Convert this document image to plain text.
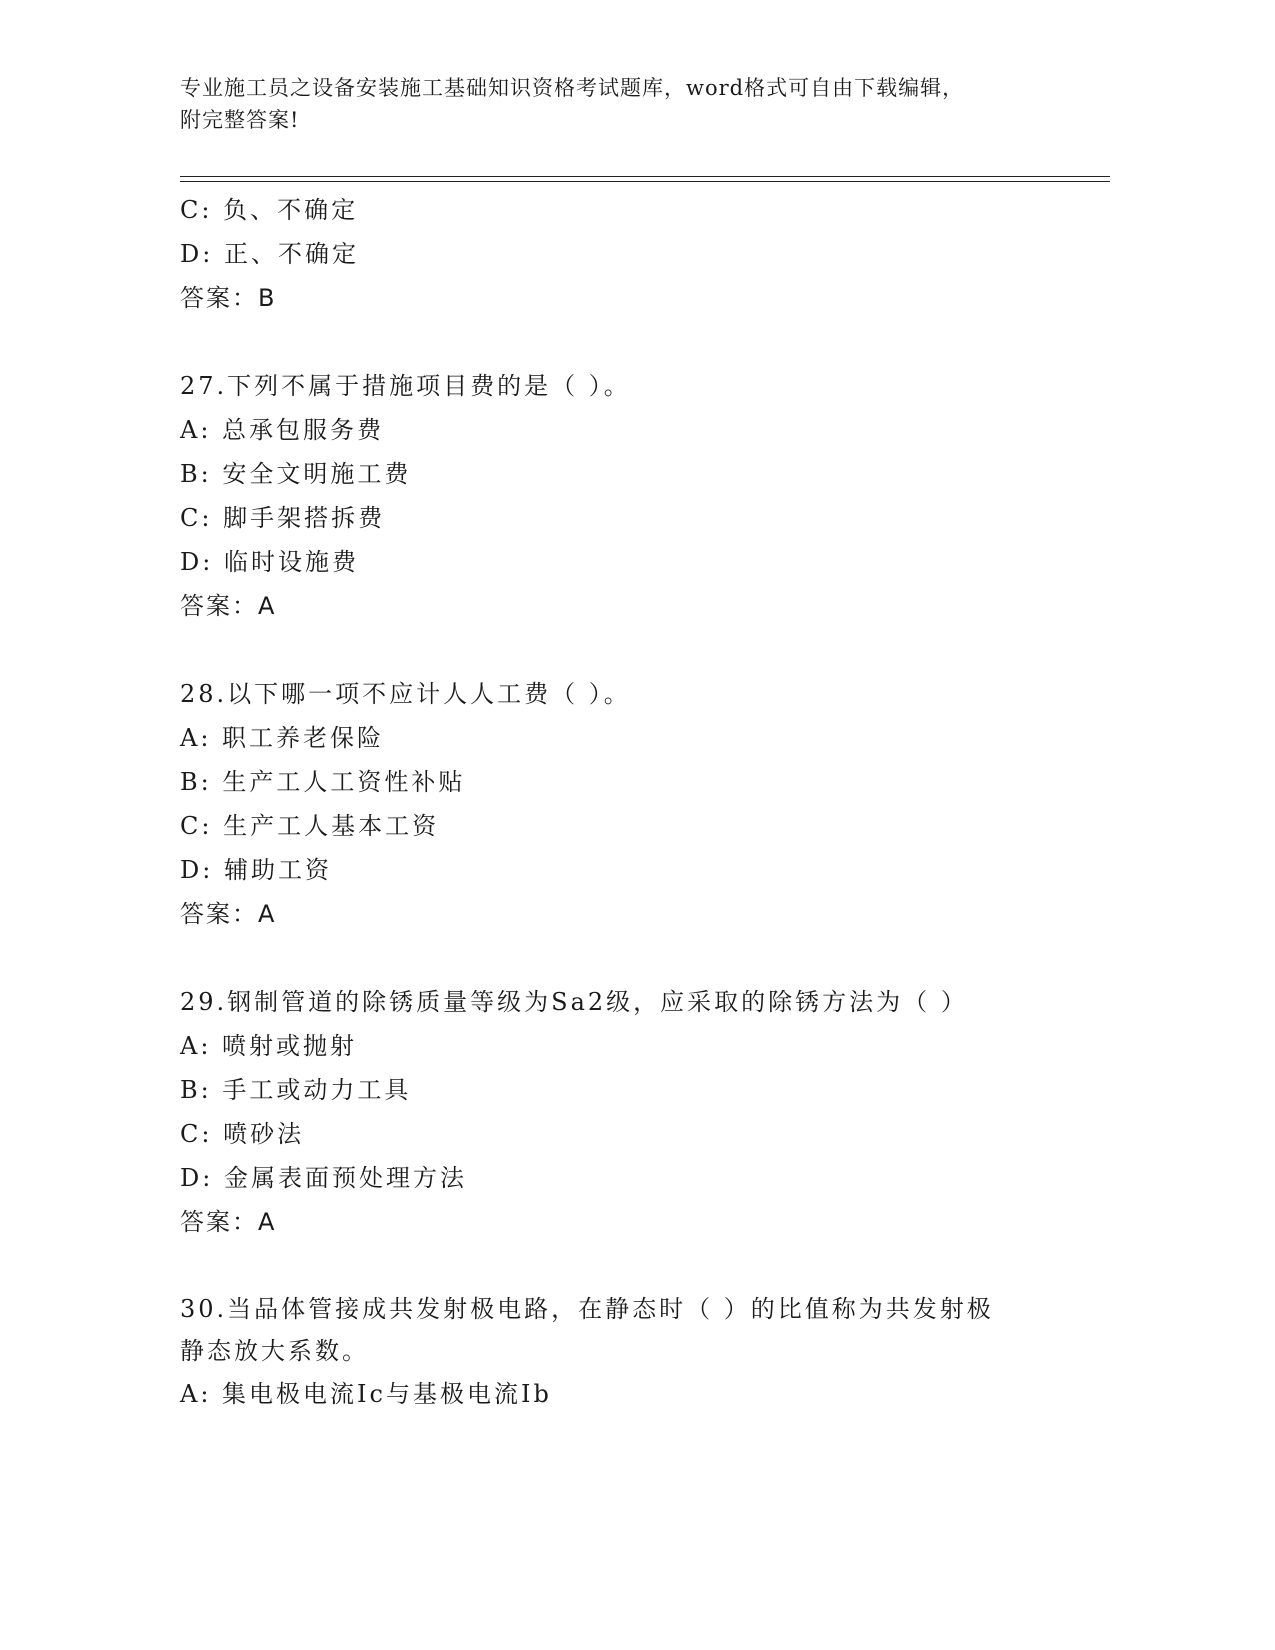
专业施工员之设备安装施工基础知识资格考试题库，word格式可自由下载编辑，
附完整答案!
C: 负、不确定
D: 正、不确定
答案：B
27.下列不属于措施项目费的是（ ）。
A: 总承包服务费
B: 安全文明施工费
C: 脚手架搭拆费
D: 临时设施费
答案：A
28.以下哪一项不应计人人工费（ ）。
A: 职工养老保险
B: 生产工人工资性补贴
C: 生产工人基本工资
D: 辅助工资
答案：A
29.钢制管道的除锈质量等级为Sa2级，应采取的除锈方法为（ ）
A: 喷射或抛射
B: 手工或动力工具
C: 喷砂法
D: 金属表面预处理方法
答案：A
30.当品体管接成共发射极电路，在静态时（ ）的比值称为共发射极
静态放大系数。
A: 集电极电流Ic与基极电流Ib
